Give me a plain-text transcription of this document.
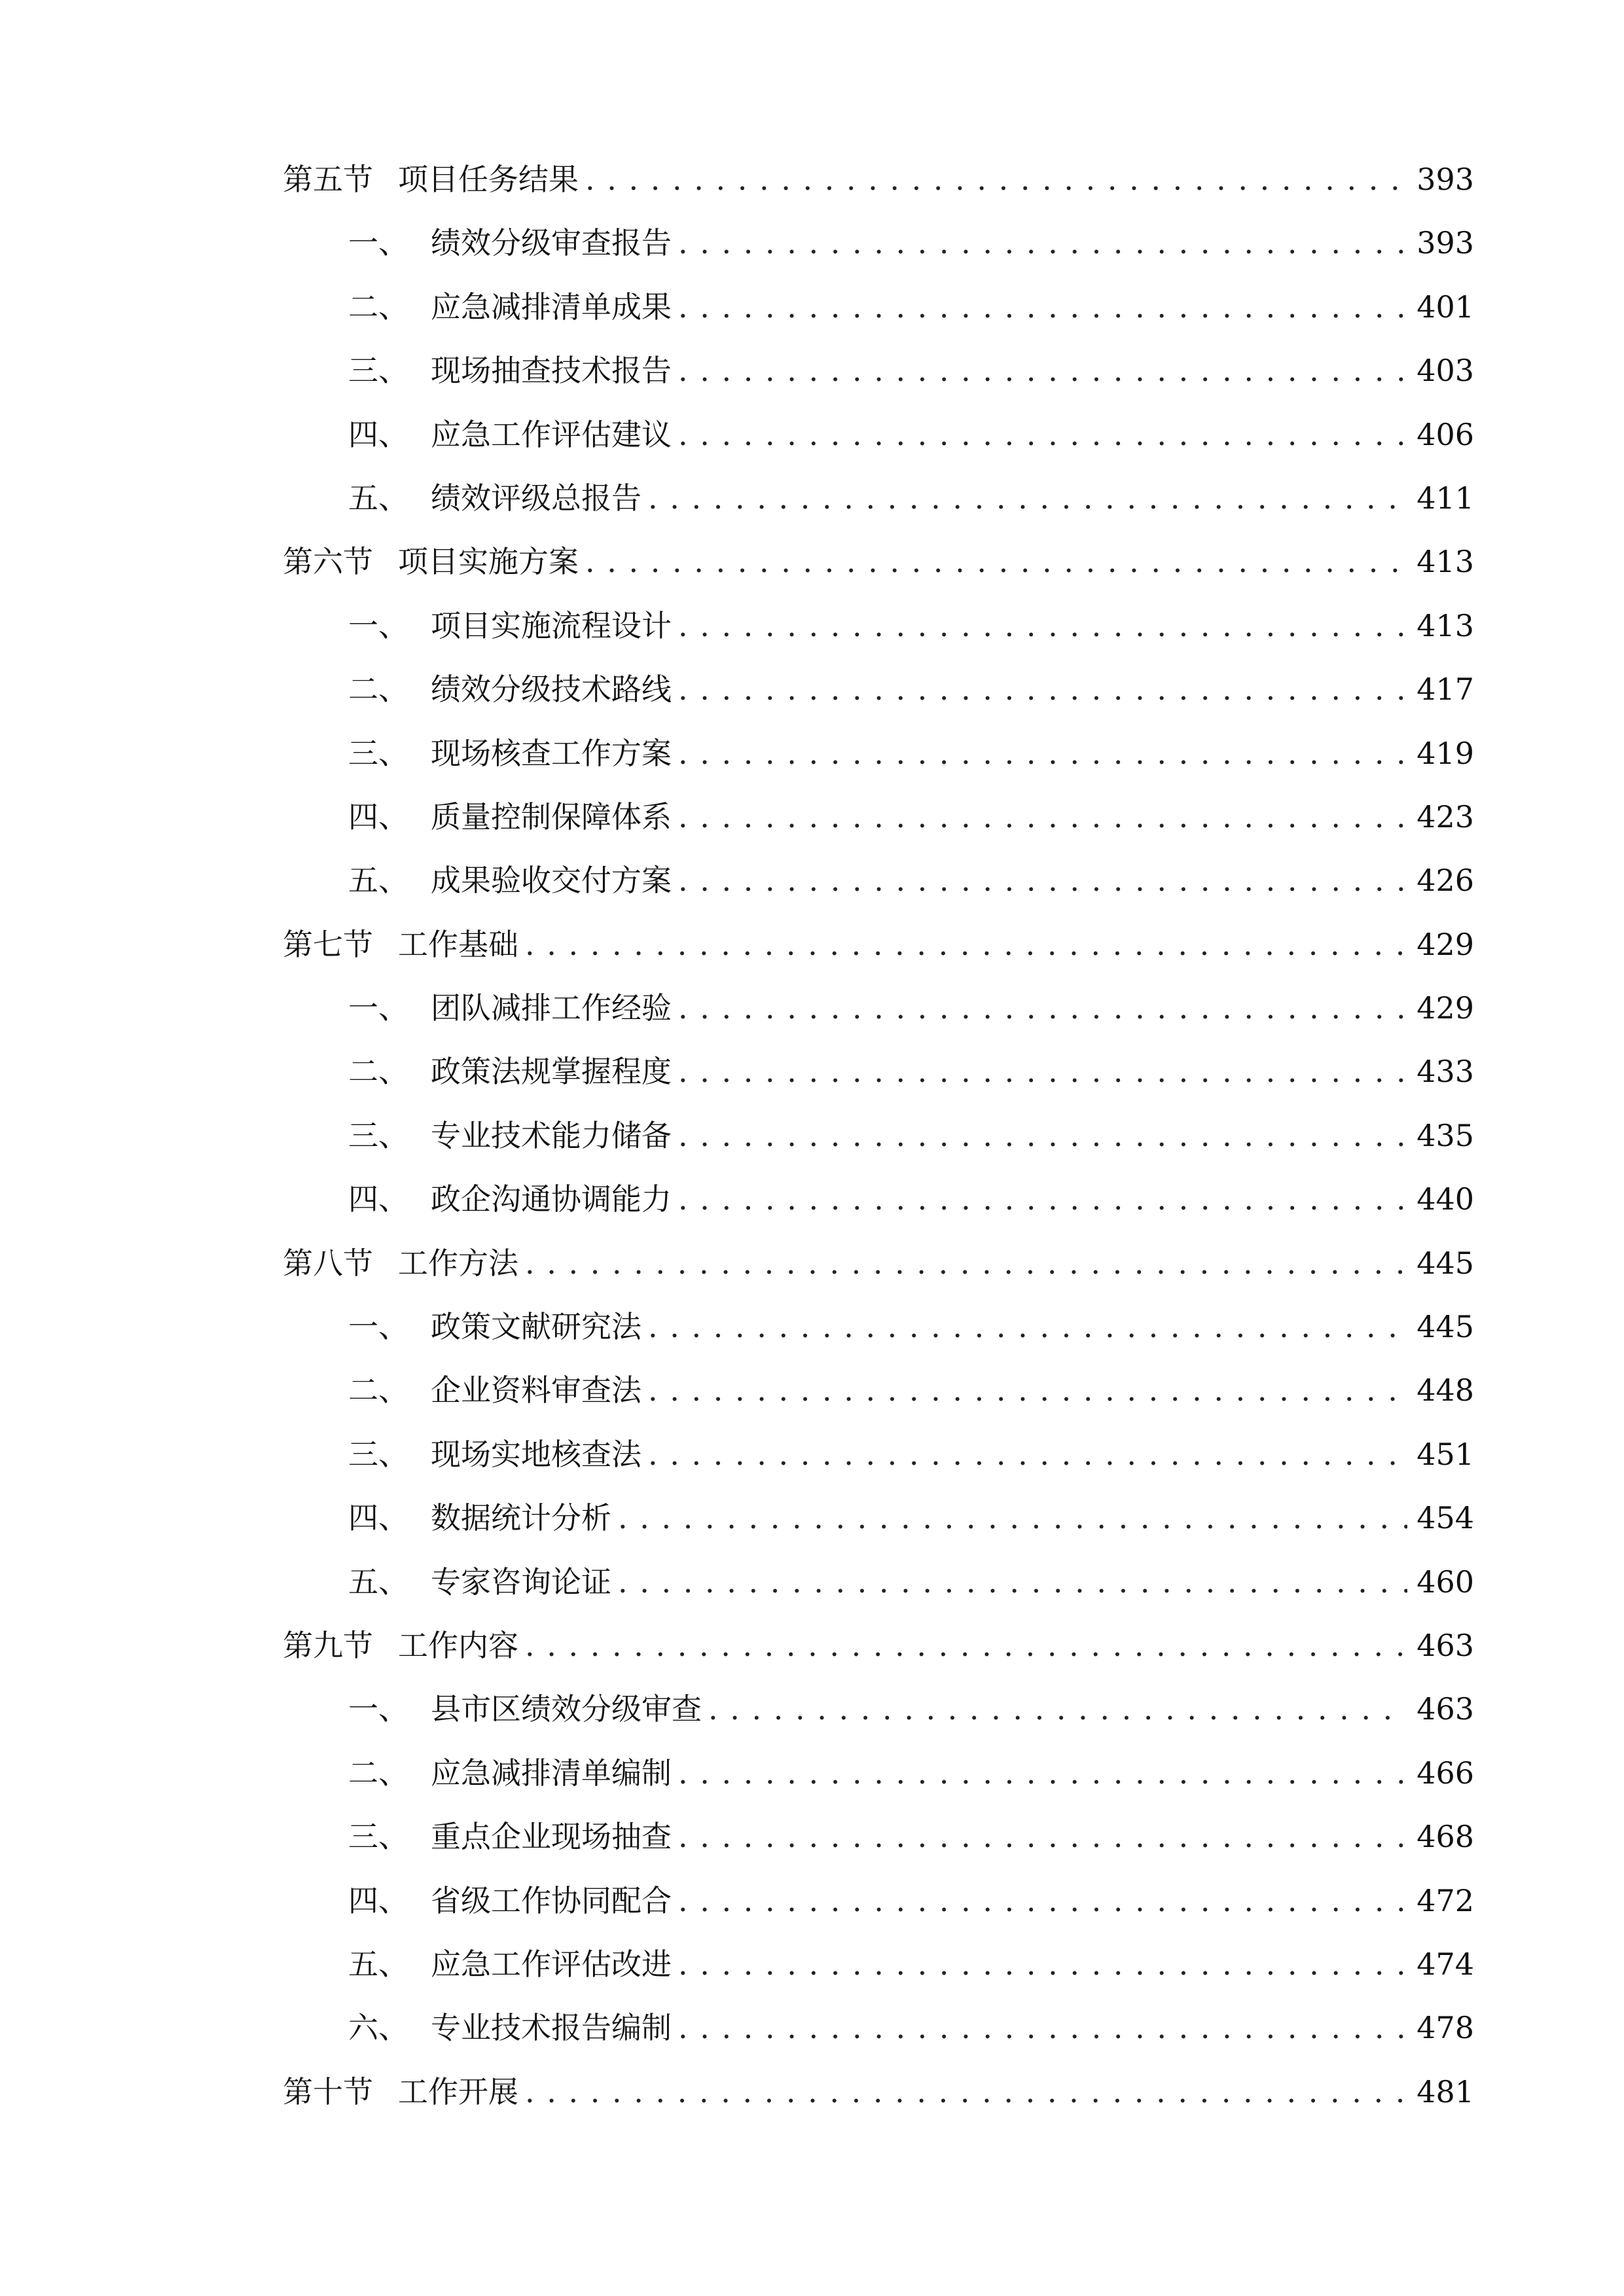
第五节 项目任务结果 . . .	393
一、 绩效分级审查报告 . . .	393
二、 应急减排清单成果 . . .	401
三、 现场抽查技术报告 . . .	403
四、 应急工作评估建议 . . .	406
五、 绩效评级总报告 . . .	411
第六节 项目实施方案 . . .	413
一、 项目实施流程设计 . . .	413
二、 绩效分级技术路线 . . .	417
三、 现场核查工作方案 . . .	419
四、 质量控制保障体系 . . .	423
五、 成果验收交付方案 . . .	426
第七节 工作基础 . . .	429
一、 团队减排工作经验 . . .	429
二、 政策法规掌握程度 . . .	433
三、 专业技术能力储备 . . .	435
四、 政企沟通协调能力 . . .	440
第八节 工作方法 . . .	445
一、 政策文献研究法 . . .	445
二、 企业资料审查法 . . .	448
三、 现场实地核查法 . . .	451
四、 数据统计分析 . . .	454
五、 专家咨询论证 . . .	460
第九节 工作内容 . . .	463
一、 县市区绩效分级审查 . . .	463
二、 应急减排清单编制 . . .	466
三、 重点企业现场抽查 . . .	468
四、 省级工作协同配合 . . .	472
五、 应急工作评估改进 . . .	474
六、 专业技术报告编制 . . .	478
第十节 工作开展 . . .	481
